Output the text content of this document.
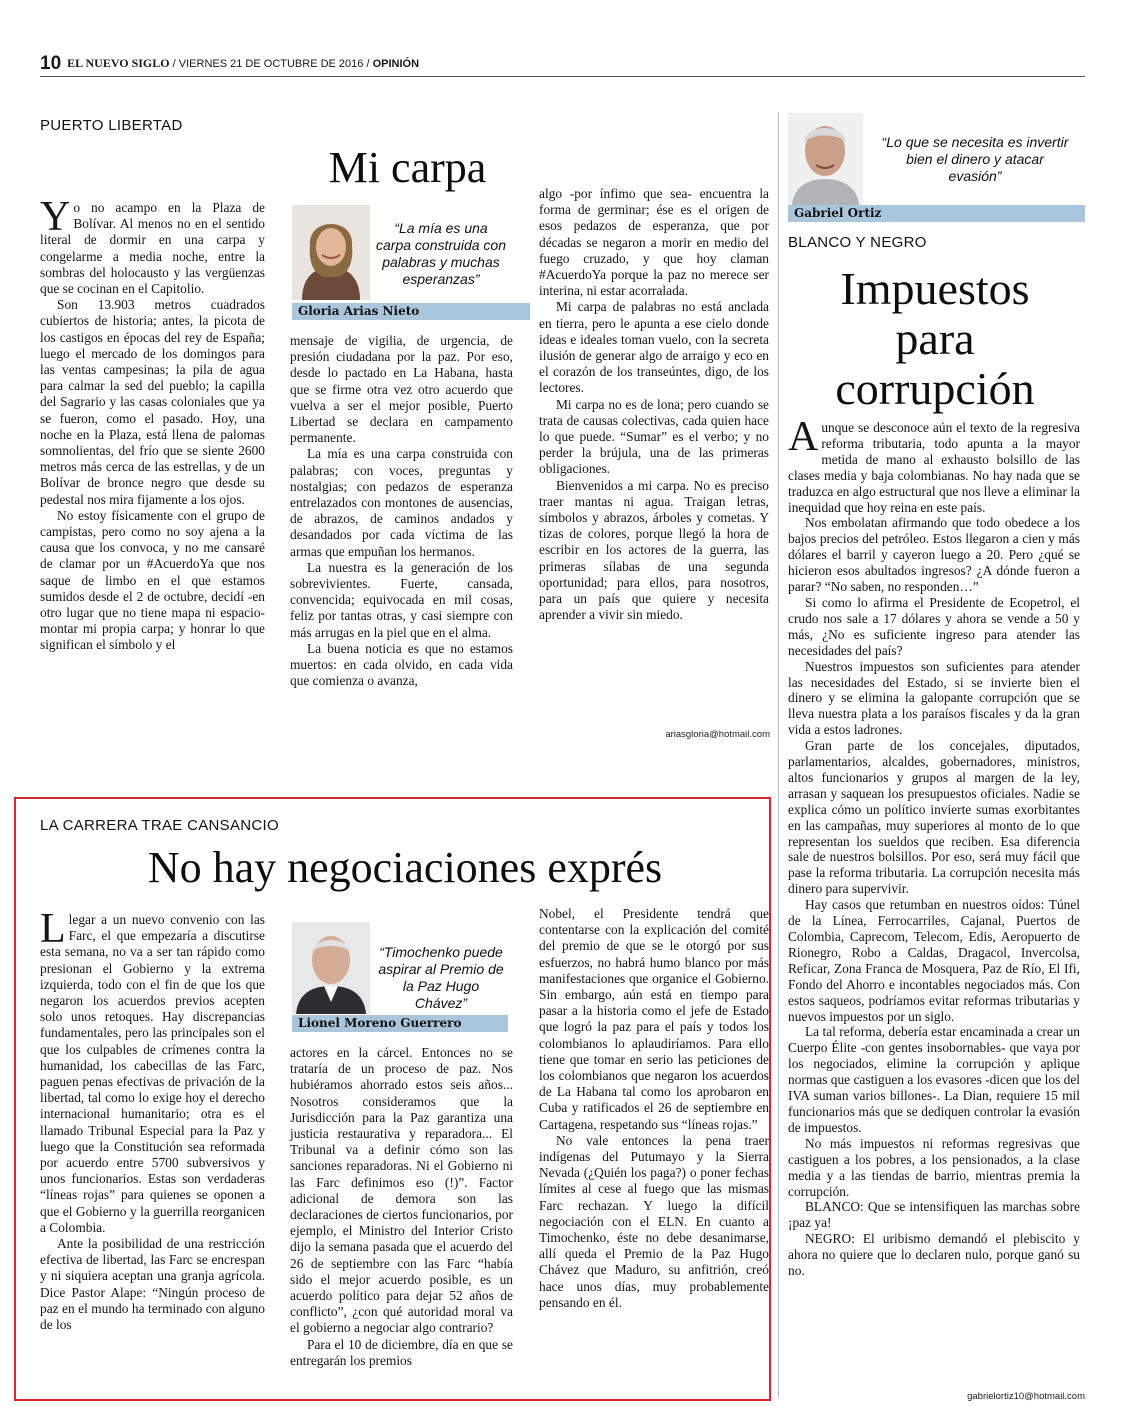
10 EL NUEVO SIGLO / VIERNES 21 DE OCTUBRE DE 2016 / OPINIÓN
PUERTO LIBERTAD
Mi carpa
“La mía es una carpa construida con palabras y muchas esperanzas”
Gloria Arias Nieto

Yo no acampo en la Plaza de Bolívar. Al menos no en el sentido literal de dormir en una carpa y congelarme a media noche, entre la sombras del holocausto y las vergüenzas que se cocinan en el Capitolio.

Son 13.903 metros cuadrados cubiertos de historia; antes, la picota de los castigos en épocas del rey de España; luego el mercado de los domingos para las ventas campesinas; la pila de agua para calmar la sed del pueblo; la capilla del Sagrario y las casas coloniales que ya se fueron, como el pasado. Hoy, una noche en la Plaza, está llena de palomas somnolientas, del frío que se siente 2600 metros más cerca de las estrellas, y de un Bolívar de bronce negro que desde su pedestal nos mira fijamente a los ojos.

No estoy físicamente con el grupo de campistas, pero como no soy ajena a la causa que los convoca, y no me cansaré de clamar por un #AcuerdoYa que nos saque de limbo en el que estamos sumidos desde el 2 de octubre, decidí -en otro lugar que no tiene mapa ni espacio- montar mi propia carpa; y honrar lo que significan el símbolo y el

mensaje de vigilia, de urgencia, de presión ciudadana por la paz. Por eso, desde lo pactado en La Habana, hasta que se firme otra vez otro acuerdo que vuelva a ser el mejor posible, Puerto Libertad se declara en campamento permanente.

La mía es una carpa construida con palabras; con voces, preguntas y nostalgias; con pedazos de esperanza entrelazados con montones de ausencias, de abrazos, de caminos andados y desandados por cada víctima de las armas que empuñan los hermanos.

La nuestra es la generación de los sobrevivientes. Fuerte, cansada, convencida; equivocada en mil cosas, feliz por tantas otras, y casi siempre con más arrugas en la piel que en el alma.

La buena noticia es que no estamos muertos: en cada olvido, en cada vida que comienza o avanza,

algo -por ínfimo que sea- encuentra la forma de germinar; ése es el origen de esos pedazos de esperanza, que por décadas se negaron a morir en medio del fuego cruzado, y que hoy claman #AcuerdoYa porque la paz no merece ser interina, ni estar acorralada.

Mi carpa de palabras no está anclada en tierra, pero le apunta a ese cielo donde ideas e ideales toman vuelo, con la secreta ilusión de generar algo de arraigo y eco en el corazón de los transeúntes, digo, de los lectores.

Mi carpa no es de lona; pero cuando se trata de causas colectivas, cada quien hace lo que puede. “Sumar” es el verbo; y no perder la brújula, una de las primeras obligaciones.

Bienvenidos a mi carpa. No es preciso traer mantas ni agua. Traigan letras, símbolos y abrazos, árboles y cometas. Y tizas de colores, porque llegó la hora de escribir en los actores de la guerra, las primeras sílabas de una segunda oportunidad; para ellos, para nosotros, para un país que quiere y necesita aprender a vivir sin miedo.

ariasgloria@hotmail.com
“Lo que se necesita es invertir bien el dinero y atacar evasión”
Gabriel Ortiz
BLANCO Y NEGRO
Impuestos
para
corrupción

Aunque se desconoce aún el texto de la regresiva reforma tributaria, todo apunta a la mayor metida de mano al exhausto bolsillo de las clases media y baja colombianas. No hay nada que se traduzca en algo estructural que nos lleve a eliminar la inequidad que hoy reina en este país.

Nos embolatan afirmando que todo obedece a los bajos precios del petróleo. Estos llegaron a cien y más dólares el barril y cayeron luego a 20. Pero ¿qué se hicieron esos abultados ingresos? ¿A dónde fueron a parar? “No saben, no responden…”

Si como lo afirma el Presidente de Ecopetrol, el crudo nos sale a 17 dólares y ahora se vende a 50 y más, ¿No es suficiente ingreso para atender las necesidades del país?

Nuestros impuestos son suficientes para atender las necesidades del Estado, si se invierte bien el dinero y se elimina la galopante corrupción que se lleva nuestra plata a los paraísos fiscales y da la gran vida a estos ladrones.

Gran parte de los concejales, diputados, parlamentarios, alcaldes, gobernadores, ministros, altos funcionarios y grupos al margen de la ley, arrasan y saquean los presupuestos oficiales. Nadie se explica cómo un político invierte sumas exorbitantes en las campañas, muy superiores al monto de lo que representan los sueldos que reciben. Esa diferencia sale de nuestros bolsillos. Por eso, será muy fácil que pase la reforma tributaria. La corrupción necesita más dinero para supervivir.

Hay casos que retumban en nuestros oídos: Túnel de la Línea, Ferrocarriles, Cajanal, Puertos de Colombia, Caprecom, Telecom, Edis, Aeropuerto de Rionegro, Robo a Caldas, Dragacol, Invercolsa, Reficar, Zona Franca de Mosquera, Paz de Río, El Ifi, Fondo del Ahorro e incontables negociados más. Con estos saqueos, podríamos evitar reformas tributarias y nuevos impuestos por un siglo.

La tal reforma, debería estar encaminada a crear un Cuerpo Élite -con gentes insobornables- que vaya por los negociados, elimine la corrupción y aplique normas que castiguen a los evasores -dicen que los del IVA suman varios billones-. La Dian, requiere 15 mil funcionarios más que se dediquen controlar la evasión de impuestos.

No más impuestos ni reformas regresivas que castiguen a los pobres, a los pensionados, a la clase media y a las tiendas de barrio, mientras premia la corrupción.

BLANCO: Que se intensifiquen las marchas sobre ¡paz ya!

NEGRO: El uribismo demandó el plebiscito y ahora no quiere que lo declaren nulo, porque ganó su no.

gabrielortiz10@hotmail.com
LA CARRERA TRAE CANSANCIO
No hay negociaciones exprés
“Timochenko puede aspirar al Premio de la Paz Hugo Chávez”
Lionel Moreno Guerrero

Llegar a un nuevo convenio con las Farc, el que empezaría a discutirse esta semana, no va a ser tan rápido como presionan el Gobierno y la extrema izquierda, todo con el fin de que los que negaron los acuerdos previos acepten solo unos retoques. Hay discrepancias fundamentales, pero las principales son el que los culpables de crímenes contra la humanidad, los cabecillas de las Farc, paguen penas efectivas de privación de la libertad, tal como lo exige hoy el derecho internacional humanitario; otra es el llamado Tribunal Especial para la Paz y luego que la Constitución sea reformada por acuerdo entre 5700 subversivos y unos funcionarios. Estas son verdaderas “líneas rojas” para quienes se oponen a que el Gobierno y la guerrilla reorganicen a Colombia.

Ante la posibilidad de una restricción efectiva de libertad, las Farc se encrespan y ni siquiera aceptan una granja agrícola. Dice Pastor Alape: “Ningún proceso de paz en el mundo ha terminado con alguno de los

actores en la cárcel. Entonces no se trataría de un proceso de paz. Nos hubiéramos ahorrado estos seis años... Nosotros consideramos que la Jurisdicción para la Paz garantiza una justicia restaurativa y reparadora... El Tribunal va a definir cómo son las sanciones reparadoras. Ni el Gobierno ni las Farc definimos eso (!)”. Factor adicional de demora son las declaraciones de ciertos funcionarios, por ejemplo, el Ministro del Interior Cristo dijo la semana pasada que el acuerdo del 26 de septiembre con las Farc “había sido el mejor acuerdo posible, es un acuerdo político para dejar 52 años de conflicto”, ¿con qué autoridad moral va el gobierno a negociar algo contrario?

Para el 10 de diciembre, día en que se entregarán los premios

Nobel, el Presidente tendrá que contentarse con la explicación del comité del premio de que se le otorgó por sus esfuerzos, no habrá humo blanco por más manifestaciones que organice el Gobierno. Sin embargo, aún está en tiempo para pasar a la historia como el jefe de Estado que logró la paz para el país y todos los colombianos lo aplaudiríamos. Para ello tiene que tomar en serio las peticiones de los colombianos que negaron los acuerdos de La Habana tal como los aprobaron en Cuba y ratificados el 26 de septiembre en Cartagena, respetando sus “líneas rojas.”

No vale entonces la pena traer indígenas del Putumayo y la Sierra Nevada (¿Quién los paga?) o poner fechas límites al cese al fuego que las mismas Farc rechazan. Y luego la difícil negociación con el ELN. En cuanto a Timochenko, éste no debe desanimarse, allí queda el Premio de la Paz Hugo Chávez que Maduro, su anfitrión, creó hace unos días, muy probablemente pensando en él.
